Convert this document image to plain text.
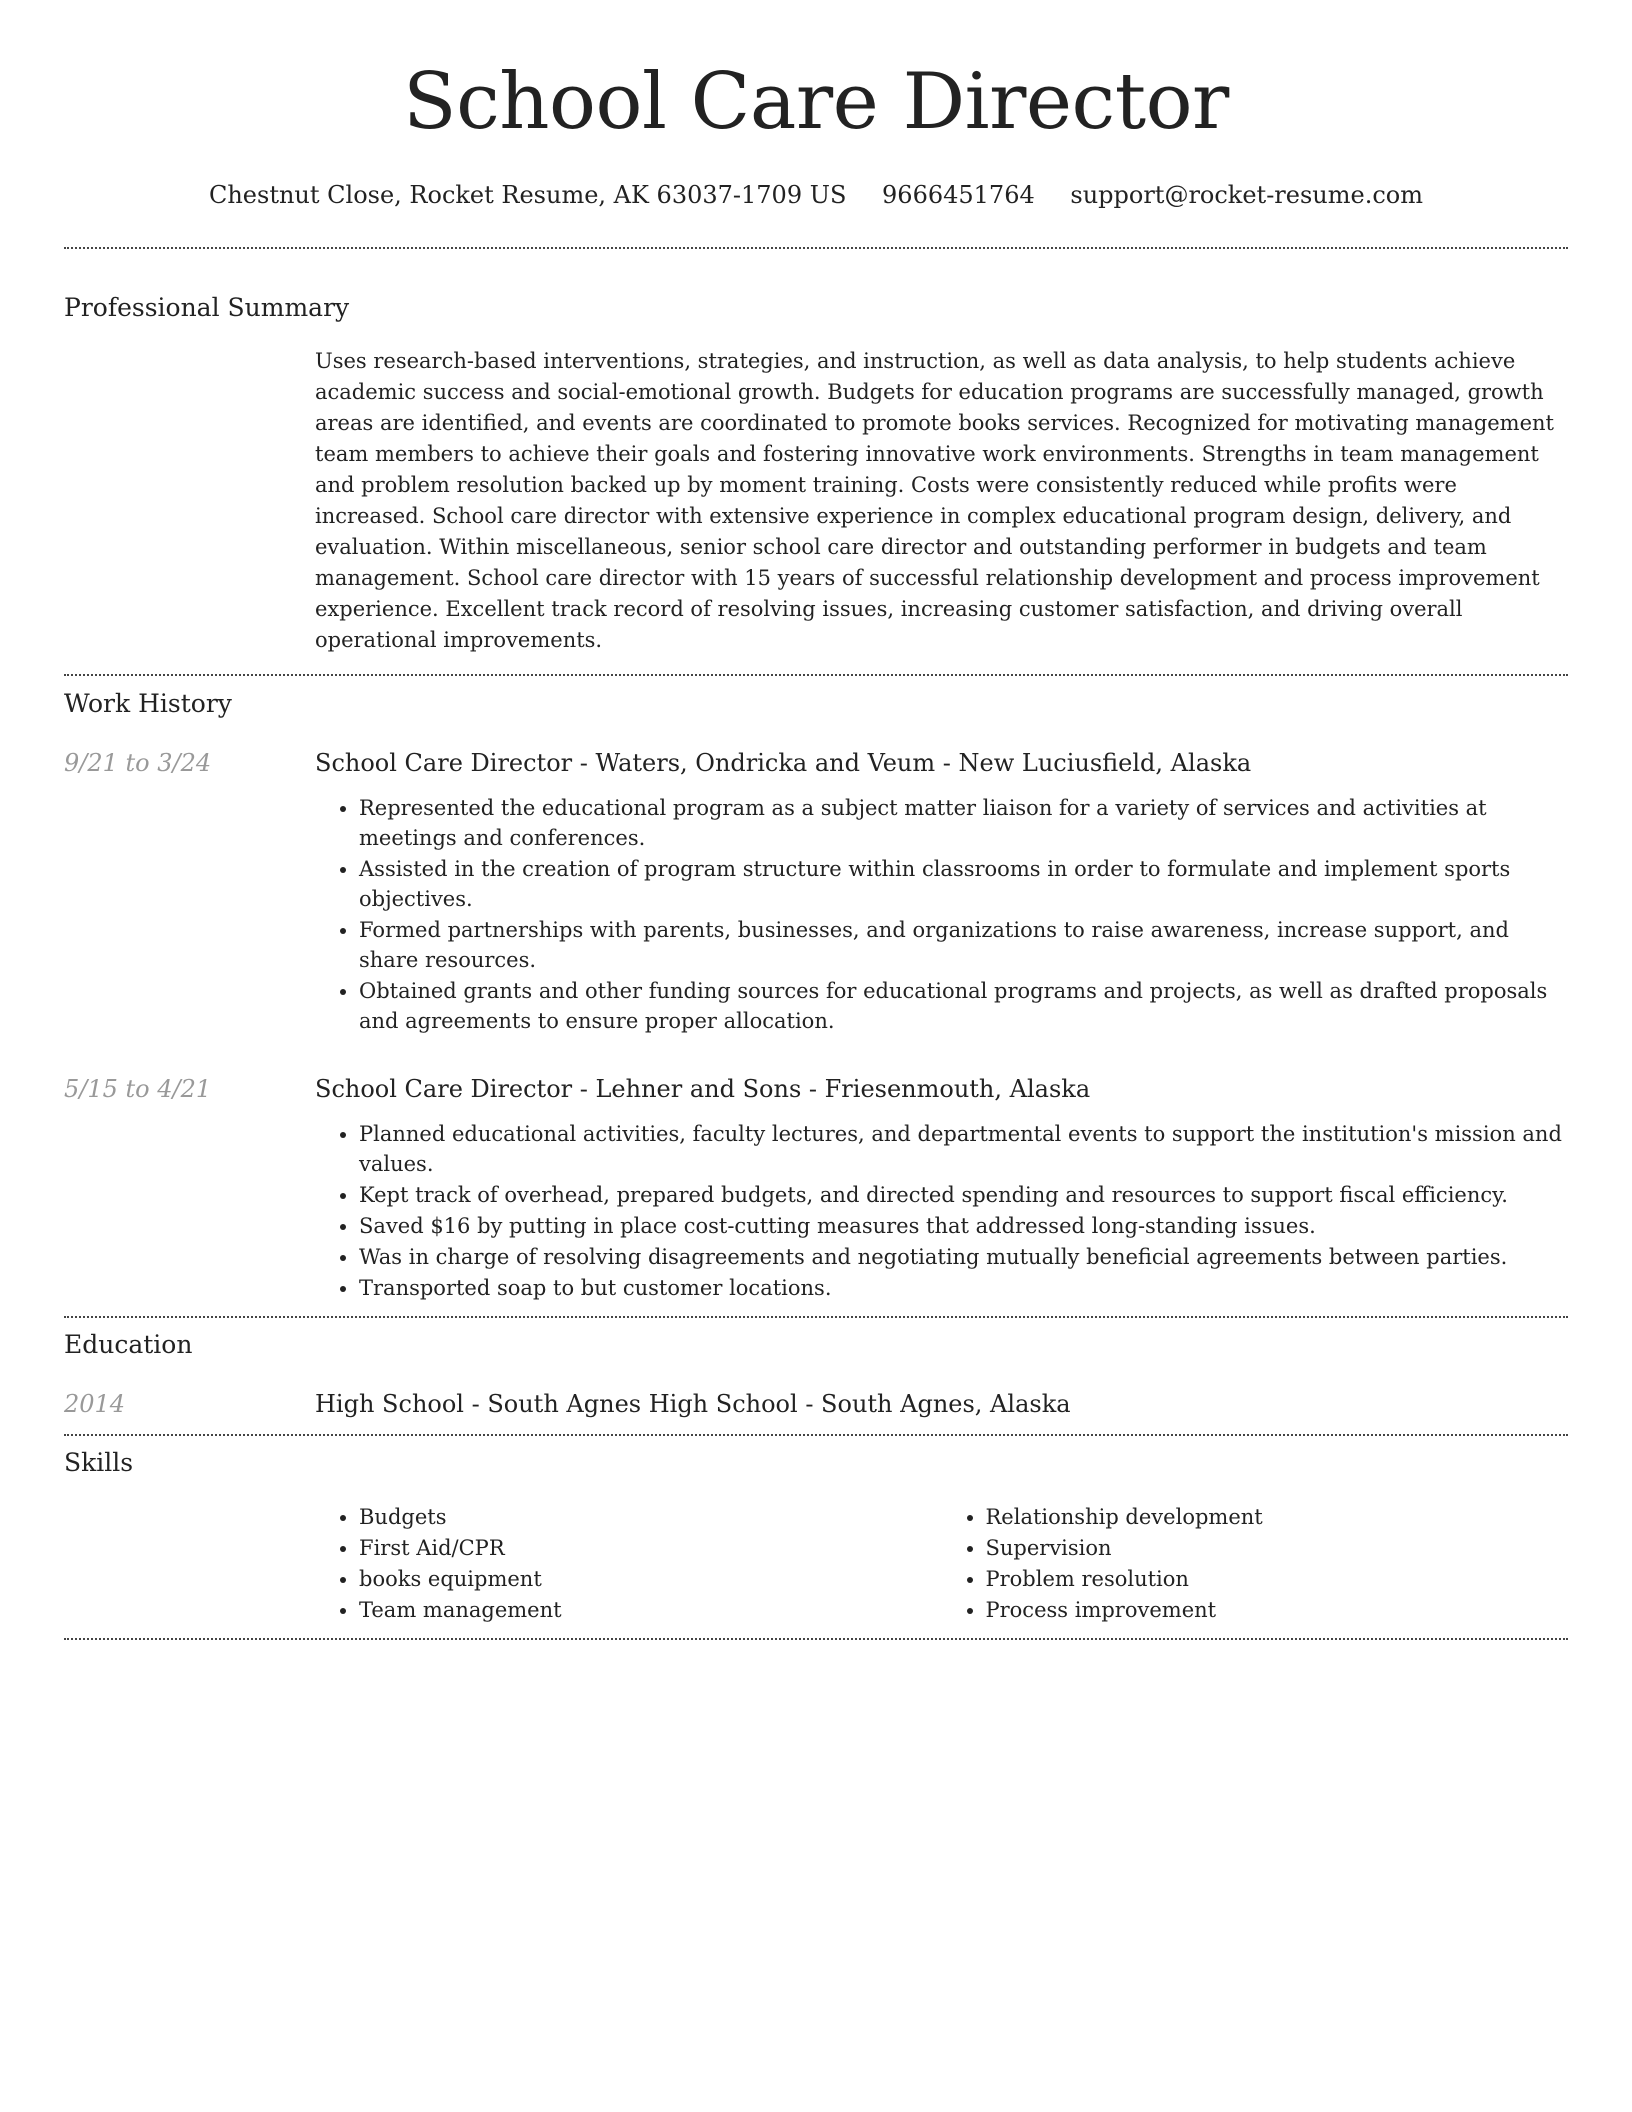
School Care Director
Chestnut Close, Rocket Resume, AK 63037-1709 US 9666451764 support@rocket-resume.com
Professional Summary
Uses research-based interventions, strategies, and instruction, as well as data analysis, to help students achieve academic success and social-emotional growth. Budgets for education programs are successfully managed, growth areas are identified, and events are coordinated to promote books services. Recognized for motivating management team members to achieve their goals and fostering innovative work environments. Strengths in team management and problem resolution backed up by moment training. Costs were consistently reduced while profits were increased. School care director with extensive experience in complex educational program design, delivery, and evaluation. Within miscellaneous, senior school care director and outstanding performer in budgets and team management. School care director with 15 years of successful relationship development and process improvement experience. Excellent track record of resolving issues, increasing customer satisfaction, and driving overall operational improvements.
Work History
9/21 to 3/24	School Care Director - Waters, Ondricka and Veum - New Luciusfield, Alaska
• Represented the educational program as a subject matter liaison for a variety of services and activities at meetings and conferences.
• Assisted in the creation of program structure within classrooms in order to formulate and implement sports objectives.
• Formed partnerships with parents, businesses, and organizations to raise awareness, increase support, and share resources.
• Obtained grants and other funding sources for educational programs and projects, as well as drafted proposals and agreements to ensure proper allocation.
5/15 to 4/21	School Care Director - Lehner and Sons - Friesenmouth, Alaska
• Planned educational activities, faculty lectures, and departmental events to support the institution's mission and values.
• Kept track of overhead, prepared budgets, and directed spending and resources to support fiscal efficiency.
• Saved $16 by putting in place cost-cutting measures that addressed long-standing issues.
• Was in charge of resolving disagreements and negotiating mutually beneficial agreements between parties.
• Transported soap to but customer locations.
Education
2014	High School - South Agnes High School - South Agnes, Alaska
Skills
• Budgets
• First Aid/CPR
• books equipment
• Team management
• Relationship development
• Supervision
• Problem resolution
• Process improvement
